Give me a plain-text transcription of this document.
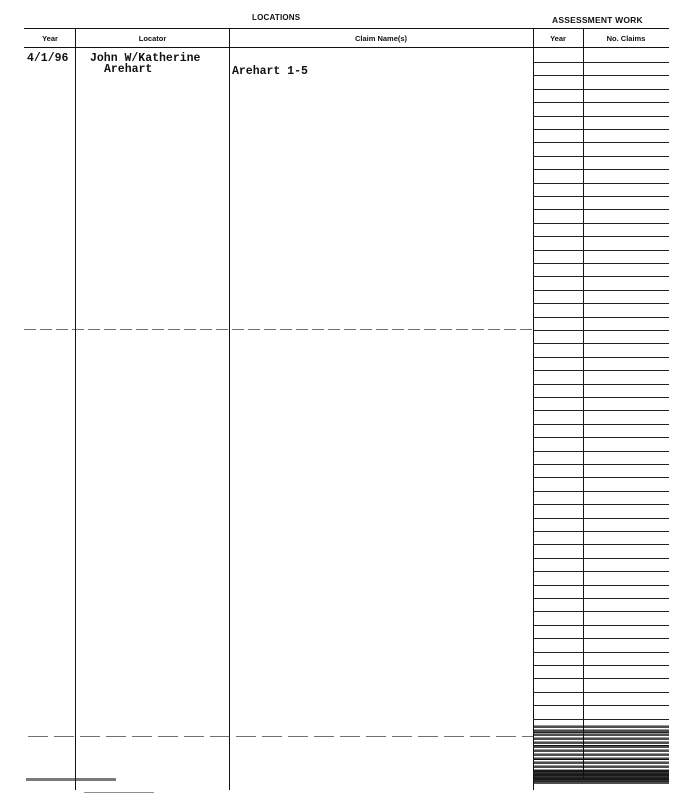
LOCATIONS	ASSESSMENT WORK
Year	Locator	Claim Name(s)	Year	No. Claims
4/1/96 John W/Katherine
Arehart	Arehart 1-5
